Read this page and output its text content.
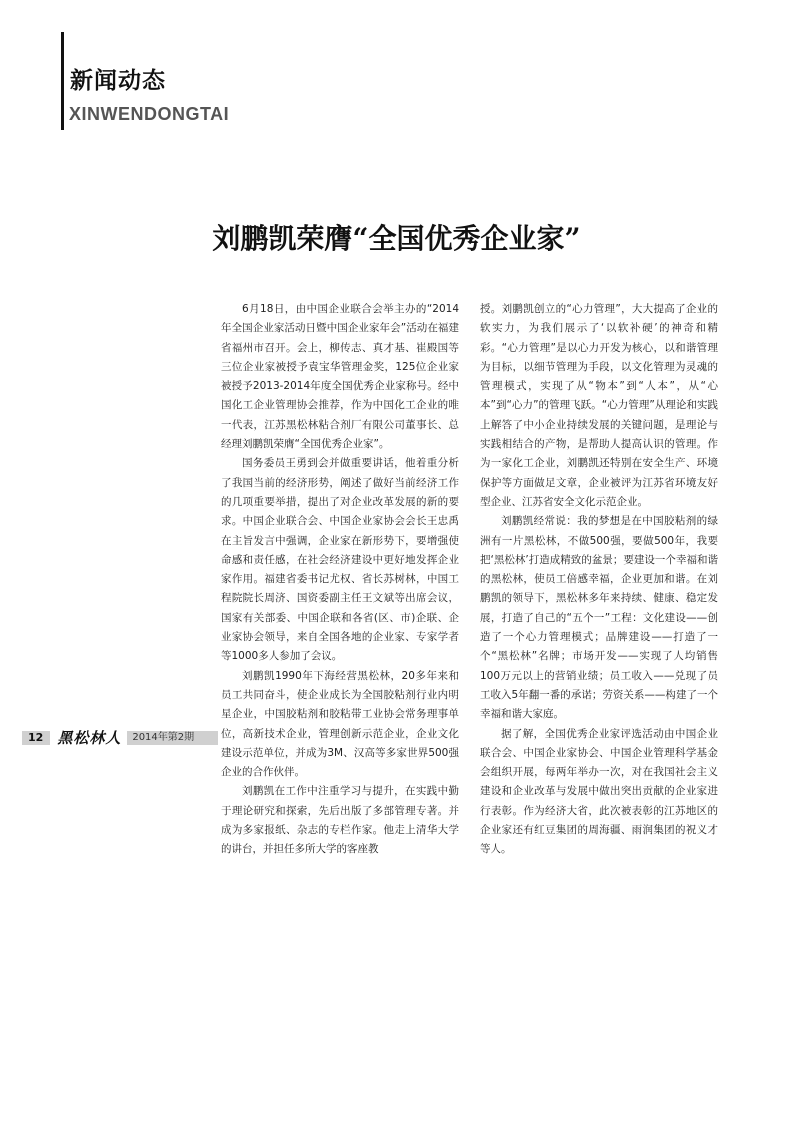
新闻动态
XINWENDONGTAI
刘鹏凯荣膺“全国优秀企业家”

6月18日，由中国企业联合会举主办的“2014年全国企业家活动日暨中国企业家年会”活动在福建省福州市召开。会上，柳传志、真才基、崔殿国等三位企业家被授予袁宝华管理金奖，125位企业家被授予2013-2014年度全国优秀企业家称号。经中国化工企业管理协会推荐，作为中国化工企业的唯一代表，江苏黑松林粘合剂厂有限公司董事长、总经理刘鹏凯荣膺“全国优秀企业家”。

国务委员王勇到会并做重要讲话，他着重分析了我国当前的经济形势，阐述了做好当前经济工作的几项重要举措，提出了对企业改革发展的新的要求。中国企业联合会、中国企业家协会会长王忠禹在主旨发言中强调，企业家在新形势下，要增强使命感和责任感，在社会经济建设中更好地发挥企业家作用。福建省委书记尤权、省长苏树林，中国工程院院长周济、国资委副主任王文斌等出席会议，国家有关部委、中国企联和各省(区、市)企联、企业家协会领导，来自全国各地的企业家、专家学者等1000多人参加了会议。

刘鹏凯1990年下海经营黑松林，20多年来和员工共同奋斗，使企业成长为全国胶粘剂行业内明星企业，中国胶粘剂和胶粘带工业协会常务理事单位，高新技术企业，管理创新示范企业，企业文化建设示范单位，并成为3M、汉高等多家世界500强企业的合作伙伴。

刘鹏凯在工作中注重学习与提升，在实践中勤于理论研究和探索，先后出版了多部管理专著。并成为多家报纸、杂志的专栏作家。他走上清华大学的讲台，并担任多所大学的客座教

授。刘鹏凯创立的“心力管理”，大大提高了企业的软实力，为我们展示了‘以软补硬’的神奇和精彩。“心力管理”是以心力开发为核心，以和谐管理为目标，以细节管理为手段，以文化管理为灵魂的管理模式，实现了从“物本”到“人本”，从“心本”到“心力”的管理飞跃。“心力管理”从理论和实践上解答了中小企业持续发展的关键问题，是理论与实践相结合的产物，是帮助人提高认识的管理。作为一家化工企业，刘鹏凯还特别在安全生产、环境保护等方面做足文章，企业被评为江苏省环境友好型企业、江苏省安全文化示范企业。

刘鹏凯经常说：我的梦想是在中国胶粘剂的绿洲有一片黑松林，不做500强，要做500年，我要把‘黑松林’打造成精致的盆景；要建设一个幸福和谐的黑松林，使员工倍感幸福，企业更加和谐。在刘鹏凯的领导下，黑松林多年来持续、健康、稳定发展，打造了自己的“五个一”工程：文化建设——创造了一个心力管理模式；品牌建设——打造了一个“黑松林”名牌；市场开发——实现了人均销售100万元以上的营销业绩；员工收入——兑现了员工收入5年翻一番的承诺；劳资关系——构建了一个幸福和谐大家庭。

据了解，全国优秀企业家评选活动由中国企业联合会、中国企业家协会、中国企业管理科学基金会组织开展，每两年举办一次，对在我国社会主义建设和企业改革与发展中做出突出贡献的企业家进行表彰。作为经济大省，此次被表彰的江苏地区的企业家还有红豆集团的周海疆、雨润集团的祝义才等人。

12 黑松林人	2014年第2期
